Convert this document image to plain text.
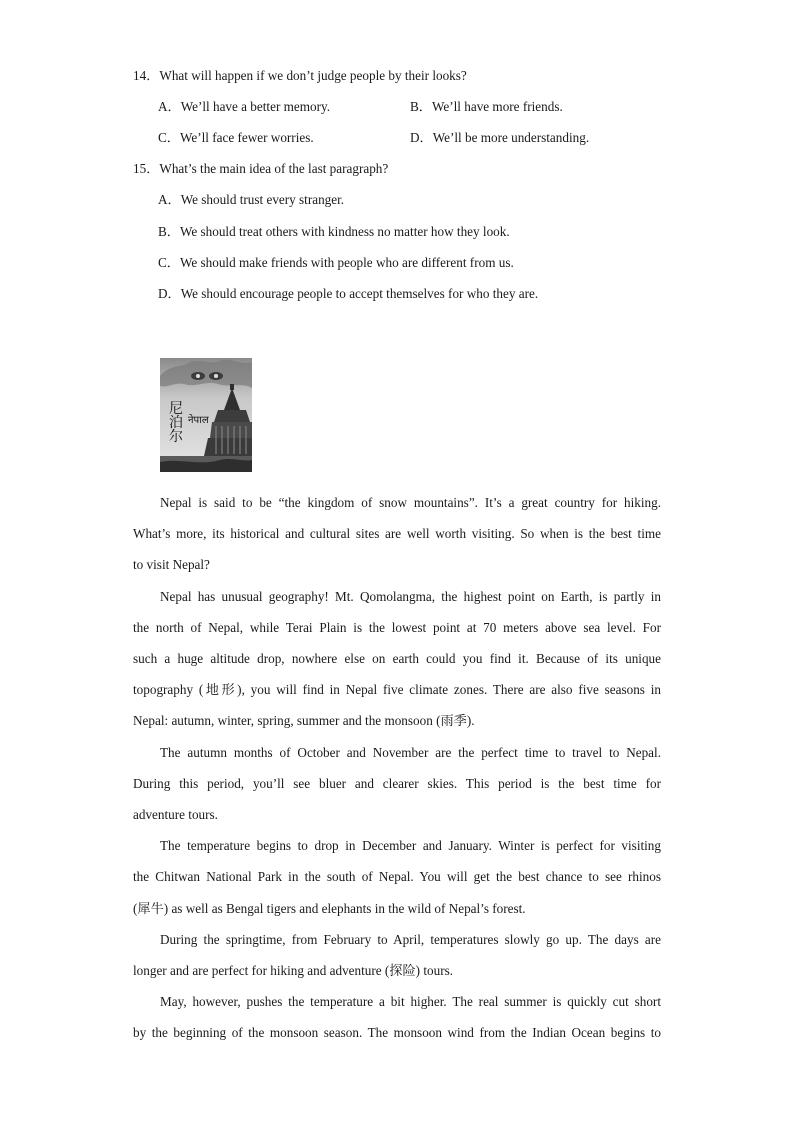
14．What will happen if we don’t judge people by their looks?
A．We’ll have a better memory.	B．We’ll have more friends.
C．We’ll face fewer worries.	D．We’ll be more understanding.
15．What’s the main idea of the last paragraph?
A．We should trust every stranger.
B．We should treat others with kindness no matter how they look.
C．We should make friends with people who are different from us.
D．We should encourage people to accept themselves for who they are.
尼泊尔
नेपाल
Nepal is said to be “the kingdom of snow mountains”. It’s a great country for hiking.
What’s more, its historical and cultural sites are well worth visiting. So when is the best time
to visit Nepal?
Nepal has unusual geography! Mt. Qomolangma, the highest point on Earth, is partly in
the north of Nepal, while Terai Plain is the lowest point at 70 meters above sea level. For
such a huge altitude drop, nowhere else on earth could you find it. Because of its unique
topography (地形), you will find in Nepal five climate zones. There are also five seasons in
Nepal: autumn, winter, spring, summer and the monsoon (雨季).
The autumn months of October and November are the perfect time to travel to Nepal.
During this period, you’ll see bluer and clearer skies. This period is the best time for
adventure tours.
The temperature begins to drop in December and January. Winter is perfect for visiting
the Chitwan National Park in the south of Nepal. You will get the best chance to see rhinos
(犀牛) as well as Bengal tigers and elephants in the wild of Nepal’s forest.
During the springtime, from February to April, temperatures slowly go up. The days are
longer and are perfect for hiking and adventure (探险) tours.
May, however, pushes the temperature a bit higher. The real summer is quickly cut short
by the beginning of the monsoon season. The monsoon wind from the Indian Ocean begins to
